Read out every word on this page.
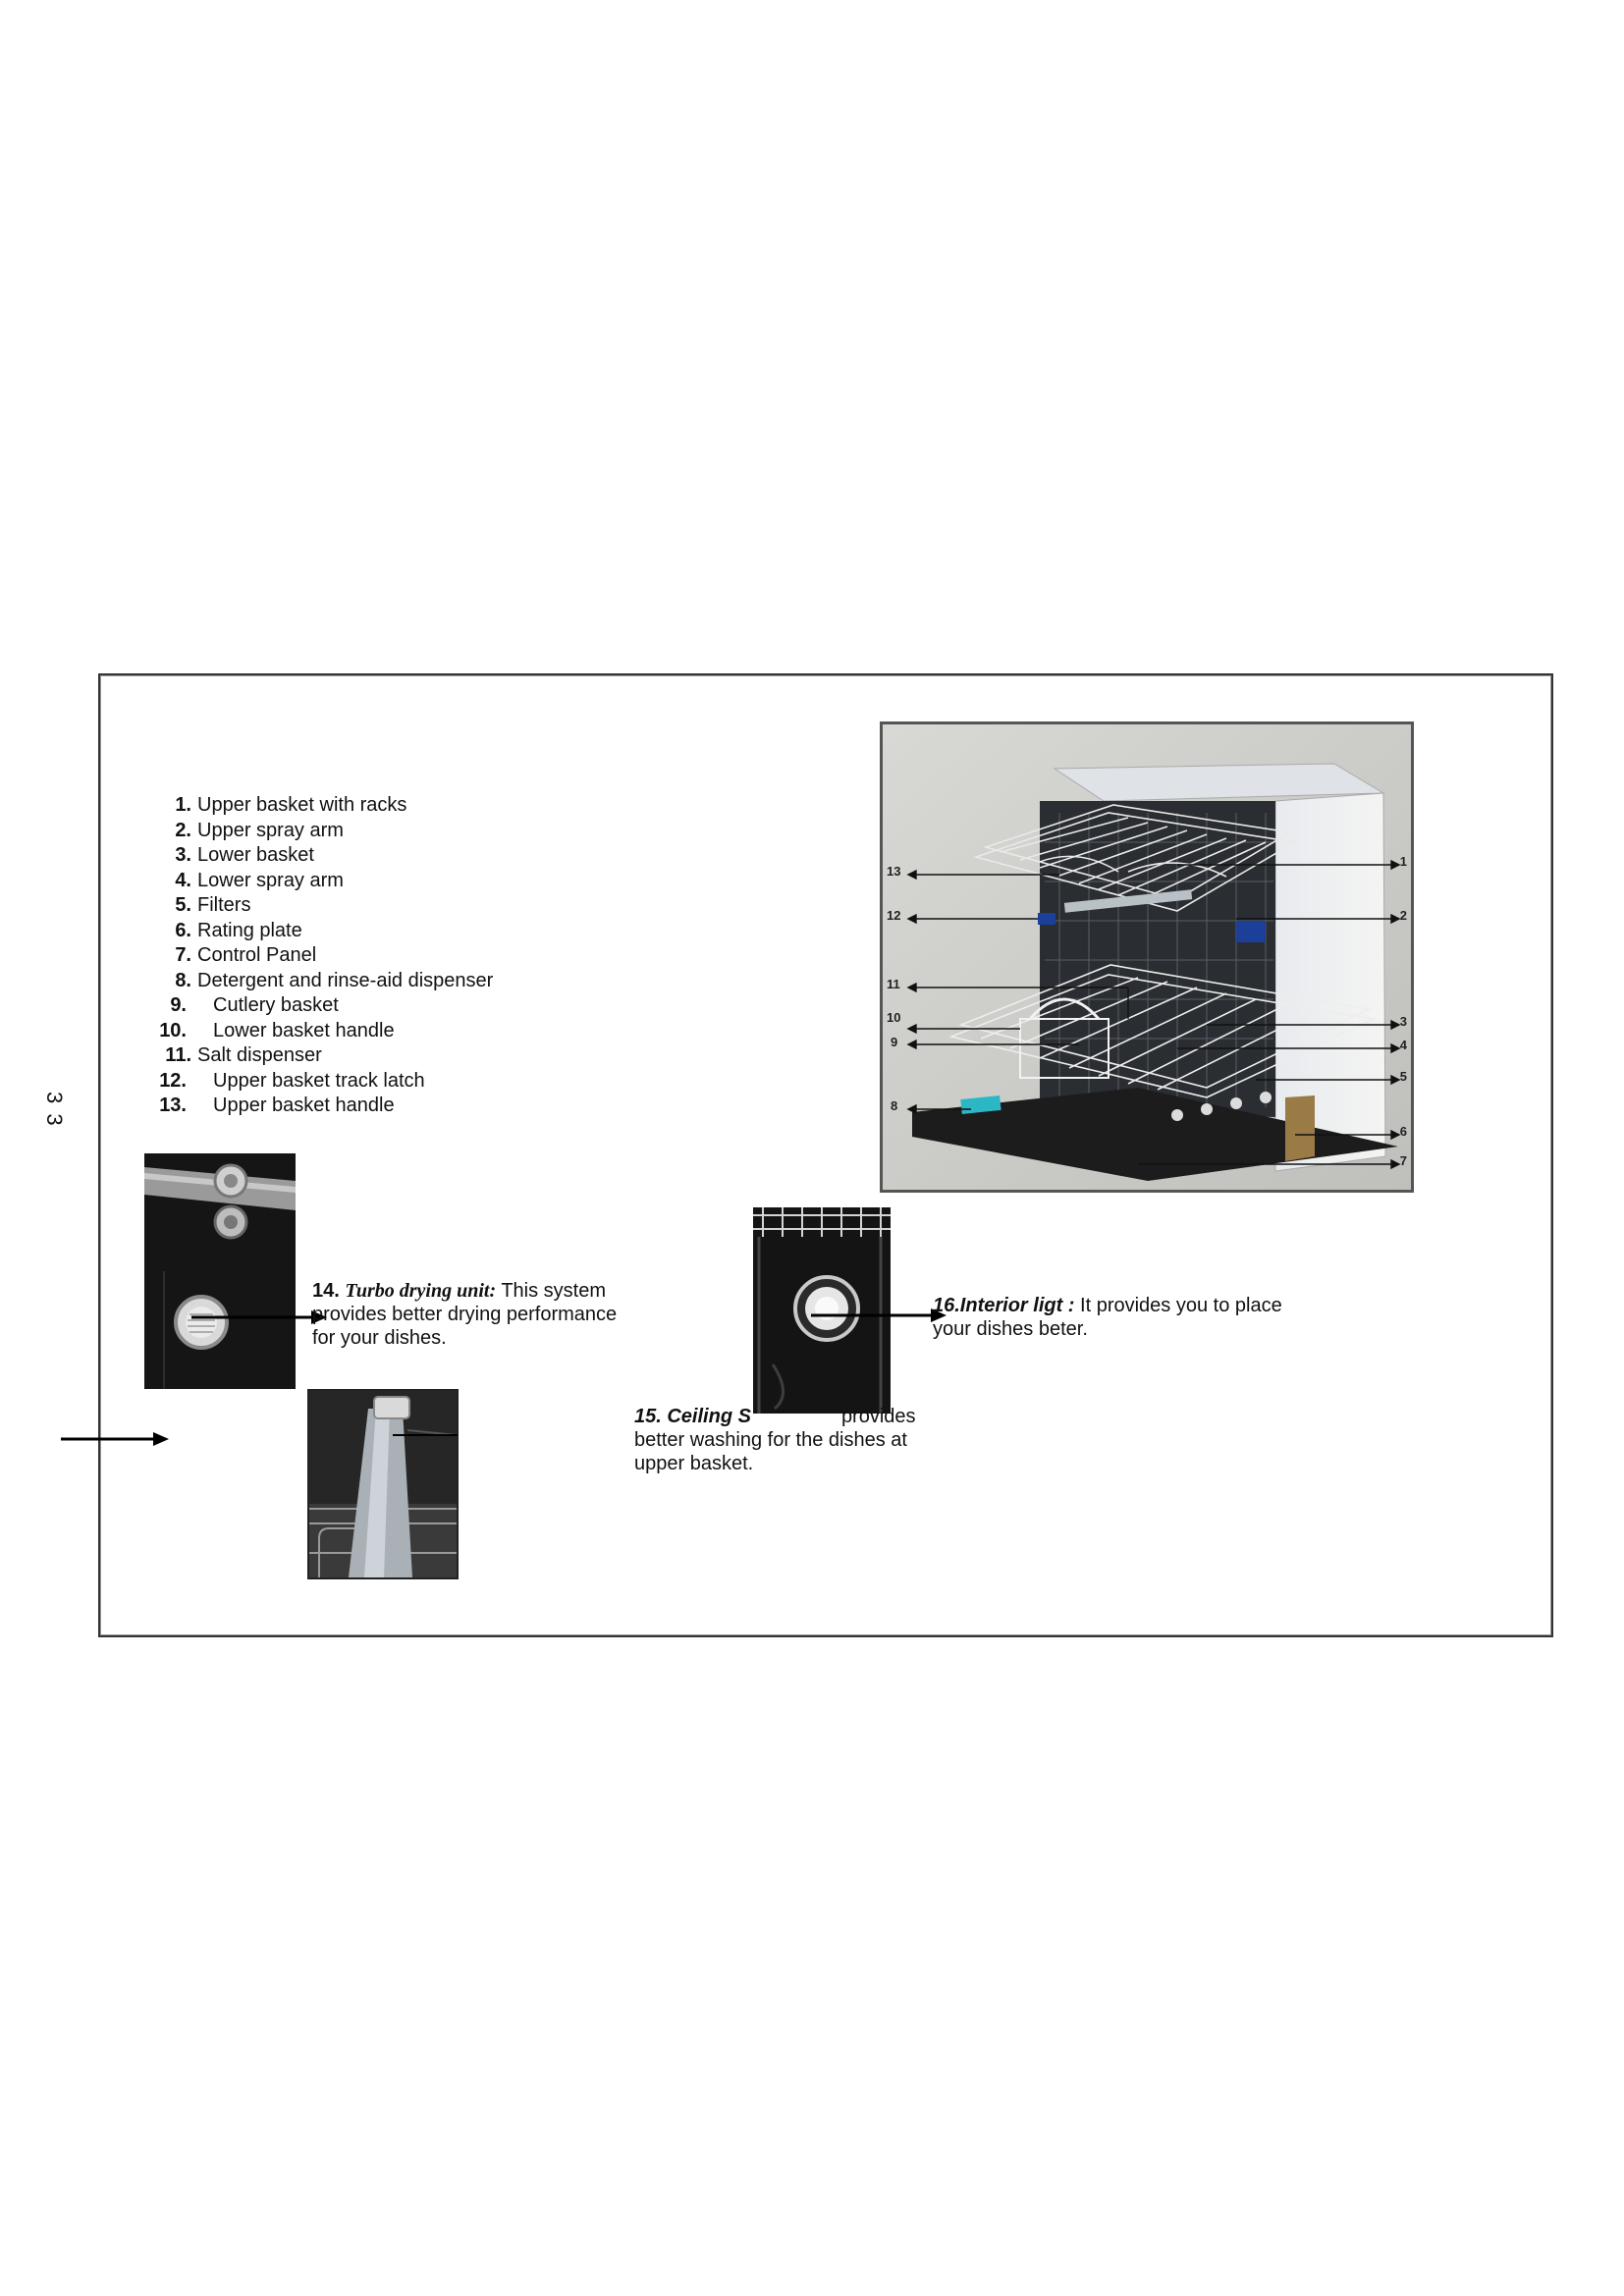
3 3
1. Upper basket with racks
2. Upper spray arm
3. Lower basket
4. Lower spray arm
5. Filters
6. Rating plate
7. Control Panel
8. Detergent and rinse-aid dispenser
9.	Cutlery basket
10.	Lower basket handle
11. Salt dispenser
12.	Upper basket track latch
13.	Upper basket handle
13
12
11
10
9
8
1
2
3
4
5
6
7
14. Turbo drying unit: This system
provides better drying performance
for your dishes.
15. Ceiling S	provides
better washing for the dishes at
upper basket.
16.Interior ligt : It provides you to place
your dishes beter.
